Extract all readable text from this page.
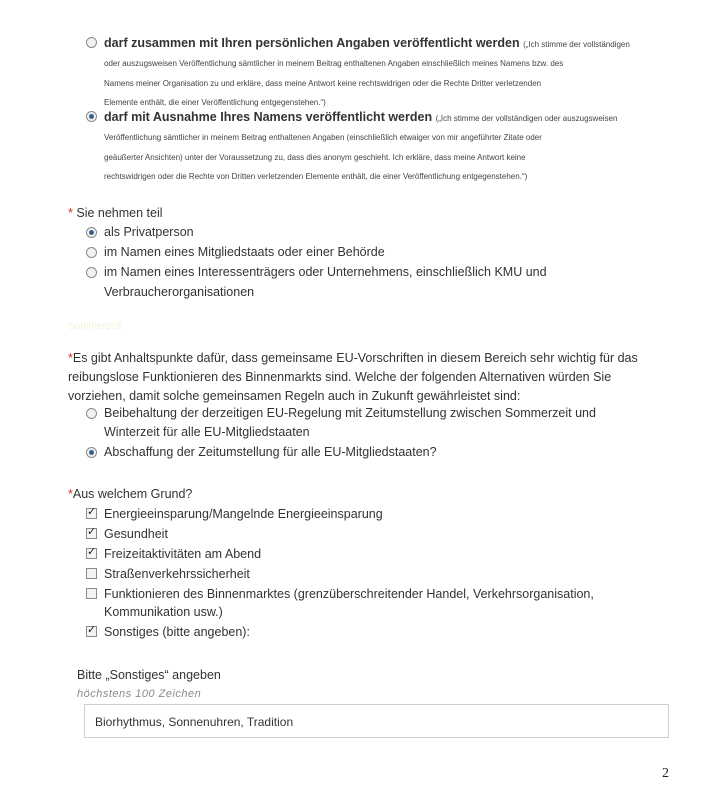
darf zusammen mit Ihren persönlichen Angaben veröffentlicht werden („Ich stimme der vollständigen
oder auszugsweisen Veröffentlichung sämtlicher in meinem Beitrag enthaltenen Angaben einschließlich meines Namens bzw. des
Namens meiner Organisation zu und erkläre, dass meine Antwort keine rechtswidrigen oder die Rechte Dritter verletzenden
Elemente enthält, die einer Veröffentlichung entgegenstehen.“)
darf mit Ausnahme Ihres Namens veröffentlicht werden („Ich stimme der vollständigen oder auszugsweisen
Veröffentlichung sämtlicher in meinem Beitrag enthaltenen Angaben (einschließlich etwaiger von mir angeführter Zitate oder
geäußerter Ansichten) unter der Voraussetzung zu, dass dies anonym geschieht. Ich erkläre, dass meine Antwort keine
rechtswidrigen oder die Rechte von Dritten verletzenden Elemente enthält, die einer Veröffentlichung entgegenstehen.“)
* Sie nehmen teil
als Privatperson
im Namen eines Mitgliedstaats oder einer Behörde
im Namen eines Interessenträgers oder Unternehmens, einschließlich KMU und
Verbraucherorganisationen
Sommerzeit
*Es gibt Anhaltspunkte dafür, dass gemeinsame EU-Vorschriften in diesem Bereich sehr wichtig für das
reibungslose Funktionieren des Binnenmarkts sind. Welche der folgenden Alternativen würden Sie
vorziehen, damit solche gemeinsamen Regeln auch in Zukunft gewährleistet sind:
Beibehaltung der derzeitigen EU-Regelung mit Zeitumstellung zwischen Sommerzeit und
Winterzeit für alle EU-Mitgliedstaaten
Abschaffung der Zeitumstellung für alle EU-Mitgliedstaaten?
*Aus welchem Grund?
✓ Energieeinsparung/Mangelnde Energieeinsparung
✓ Gesundheit
✓ Freizeitaktivitäten am Abend
Straßenverkehrssicherheit
Funktionieren des Binnenmarktes (grenzüberschreitender Handel, Verkehrsorganisation,
Kommunikation usw.)
✓ Sonstiges (bitte angeben):
Bitte „Sonstiges“ angeben
höchstens 100 Zeichen
Biorhythmus, Sonnenuhren, Tradition
2
